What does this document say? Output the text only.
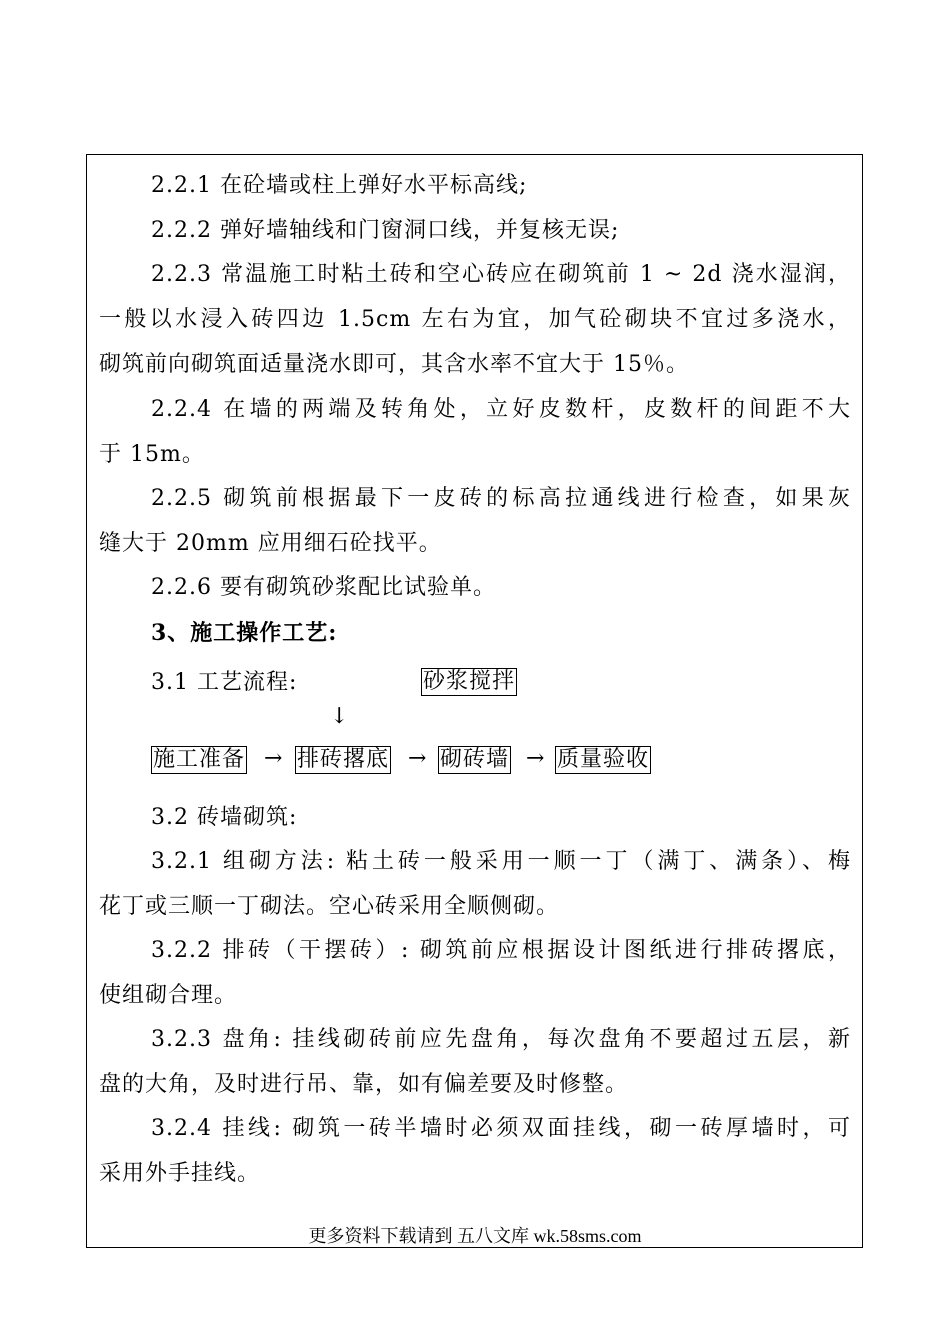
2.2.1 在砼墙或柱上弹好水平标高线;
2.2.2 弹好墙轴线和门窗洞口线，并复核无误;
2.2.3 常温施工时粘土砖和空心砖应在砌筑前 1 ~ 2d 浇水湿润，
一般以水浸入砖四边 1.5cm 左右为宜，加气砼砌块不宜过多浇水，
砌筑前向砌筑面适量浇水即可，其含水率不宜大于 15％。
2.2.4 在墙的两端及转角处，立好皮数杆，皮数杆的间距不大
于 15m。
2.2.5 砌筑前根据最下一皮砖的标高拉通线进行检查，如果灰
缝大于 20mm 应用细石砼找平。
2.2.6 要有砌筑砂浆配比试验单。
3、施工操作工艺:
3.1 工艺流程:	砂浆搅拌
↓
施工准备 → 排砖撂底 → 砌砖墙 → 质量验收
3.2 砖墙砌筑:
3.2.1 组砌方法: 粘土砖一般采用一顺一丁（满丁、满条）、梅
花丁或三顺一丁砌法。空心砖采用全顺侧砌。
3.2.2 排砖（干摆砖）: 砌筑前应根据设计图纸进行排砖撂底，
使组砌合理。
3.2.3 盘角: 挂线砌砖前应先盘角，每次盘角不要超过五层，新
盘的大角，及时进行吊、靠，如有偏差要及时修整。
3.2.4 挂线: 砌筑一砖半墙时必须双面挂线，砌一砖厚墙时，可
采用外手挂线。
更多资料下载请到 五八文库 wk.58sms.com
